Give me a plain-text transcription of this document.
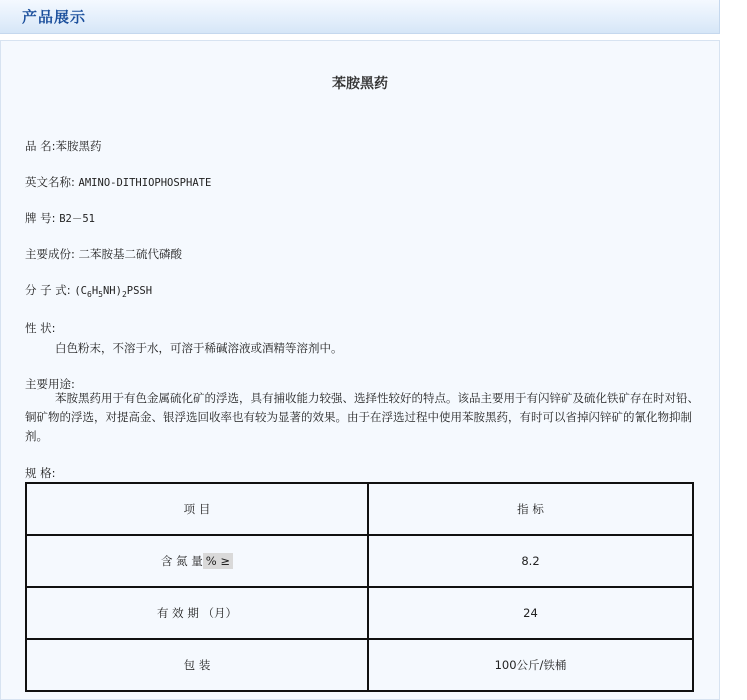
产品展示
苯胺黑药
品 名:苯胺黑药
英文名称: AMINO-DITHIOPHOSPHATE
牌 号: B2－51
主要成份: 二苯胺基二硫代磷酸
分 子 式: $(C_6H_5NH)_2PSSH$
性 状:
白色粉末，不溶于水，可溶于稀碱溶液或酒精等溶剂中。
主要用途:
苯胺黑药用于有色金属硫化矿的浮选，具有捕收能力较强、选择性较好的特点。该品主要用于有闪锌矿及硫化铁矿存在时对铅、铜矿物的浮选，对提高金、银浮选回收率也有较为显著的效果。由于在浮选过程中使用苯胺黑药，有时可以省掉闪锌矿的氰化物抑制剂。
规 格:
项 目	指 标
含 氮 量 % ≥	8.2
有 效 期 （月）	24
包 装	100公斤/铁桶
